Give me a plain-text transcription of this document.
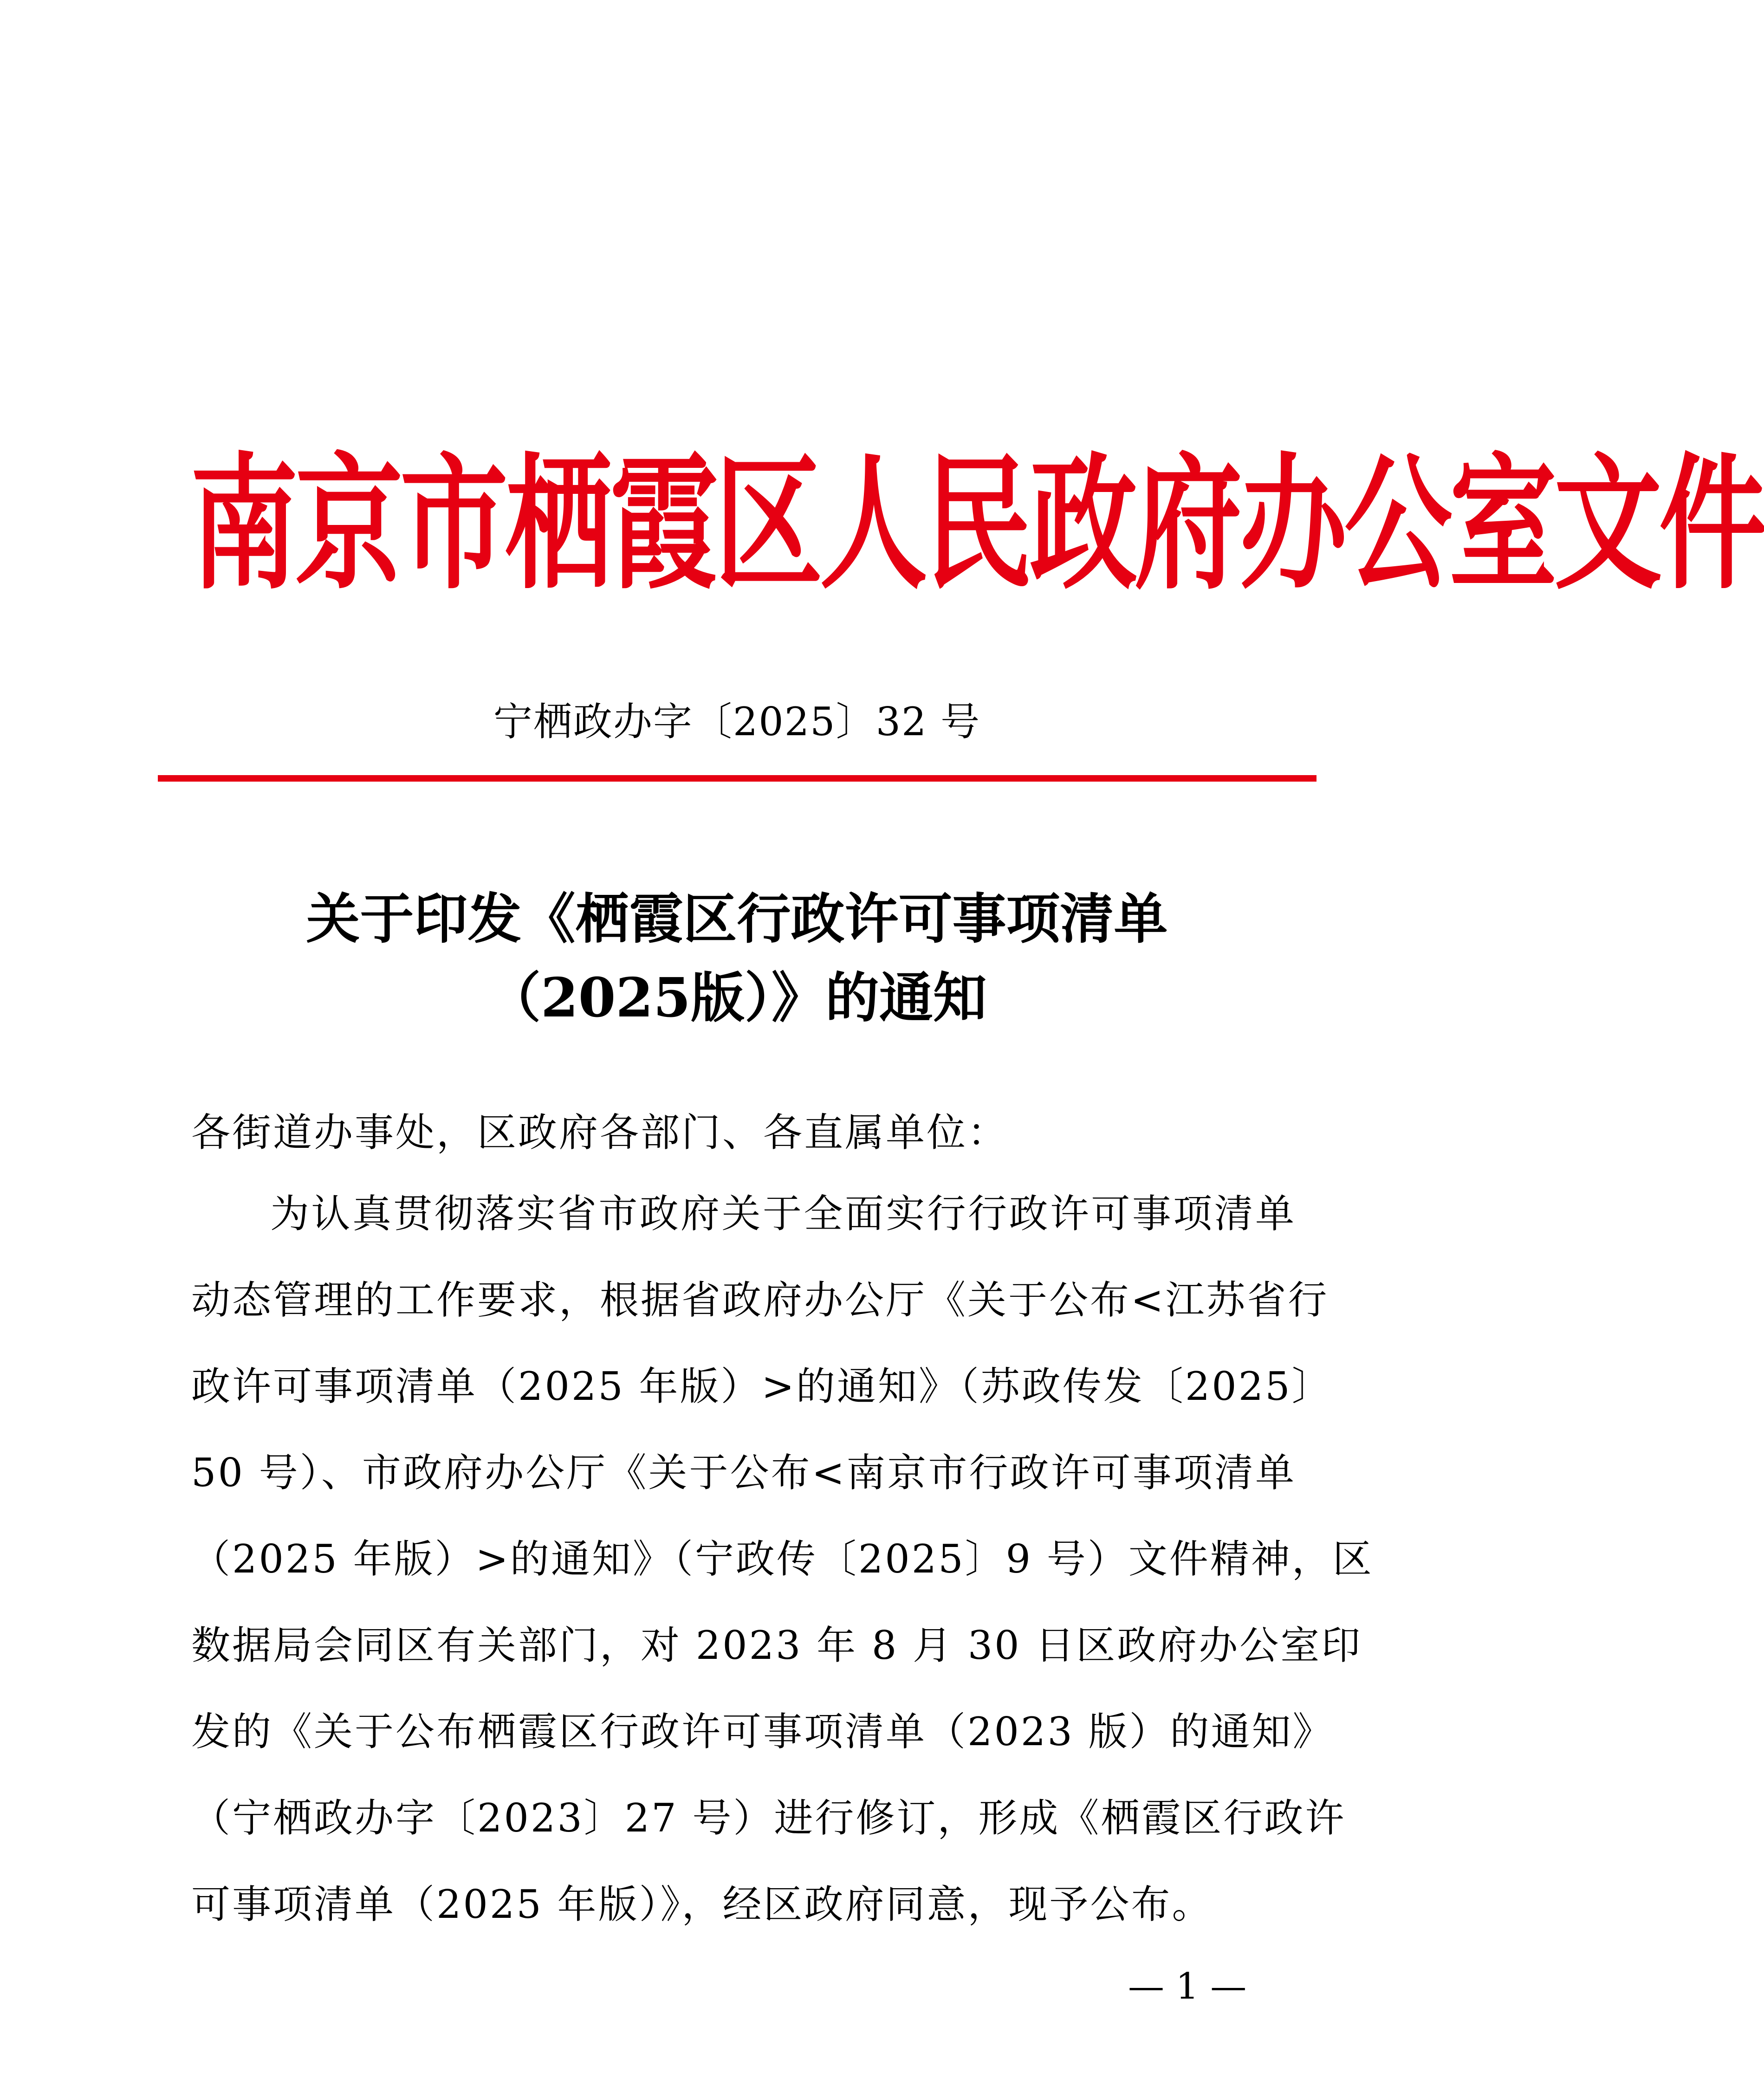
南京市栖霞区人民政府办公室文件
宁栖政办字〔2025〕32 号
关于印发《栖霞区行政许可事项清单
（2025版）》的通知
各街道办事处，区政府各部门、各直属单位：
为认真贯彻落实省市政府关于全面实行行政许可事项清单
动态管理的工作要求，根据省政府办公厅《关于公布<江苏省行
政许可事项清单（2025 年版）>的通知》（苏政传发〔2025〕
50 号）、市政府办公厅《关于公布<南京市行政许可事项清单
（2025 年版）>的通知》（宁政传〔2025〕9 号）文件精神，区
数据局会同区有关部门，对 2023 年 8 月 30 日区政府办公室印
发的《关于公布栖霞区行政许可事项清单（2023 版）的通知》
（宁栖政办字〔2023〕27 号）进行修订，形成《栖霞区行政许
可事项清单（2025 年版）》，经区政府同意，现予公布。
— 1 —
